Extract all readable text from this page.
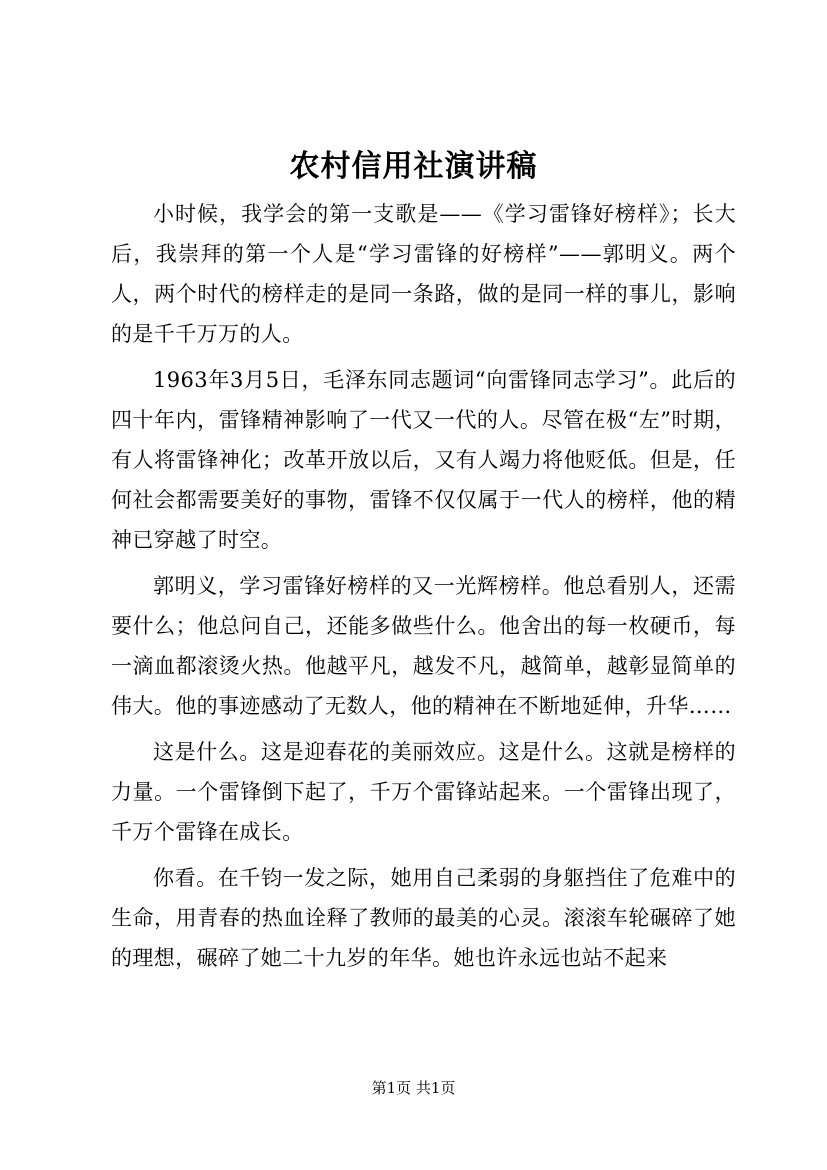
农村信用社演讲稿

小时候，我学会的第一支歌是——《学习雷锋好榜样》；长大后，我崇拜的第一个人是“学习雷锋的好榜样”——郭明义。两个人，两个时代的榜样走的是同一条路，做的是同一样的事儿，影响的是千千万万的人。

1963年3月5日，毛泽东同志题词“向雷锋同志学习”。此后的四十年内，雷锋精神影响了一代又一代的人。尽管在极“左”时期，有人将雷锋神化；改革开放以后，又有人竭力将他贬低。但是，任何社会都需要美好的事物，雷锋不仅仅属于一代人的榜样，他的精神已穿越了时空。

郭明义，学习雷锋好榜样的又一光辉榜样。他总看别人，还需要什么；他总问自己，还能多做些什么。他舍出的每一枚硬币，每一滴血都滚烫火热。他越平凡，越发不凡，越简单，越彰显简单的伟大。他的事迹感动了无数人，他的精神在不断地延伸，升华……

这是什么。这是迎春花的美丽效应。这是什么。这就是榜样的力量。一个雷锋倒下起了，千万个雷锋站起来。一个雷锋出现了，千万个雷锋在成长。

你看。在千钧一发之际，她用自己柔弱的身躯挡住了危难中的生命，用青春的热血诠释了教师的最美的心灵。滚滚车轮碾碎了她的理想，碾碎了她二十九岁的年华。她也许永远也站不起来

第1页 共1页
